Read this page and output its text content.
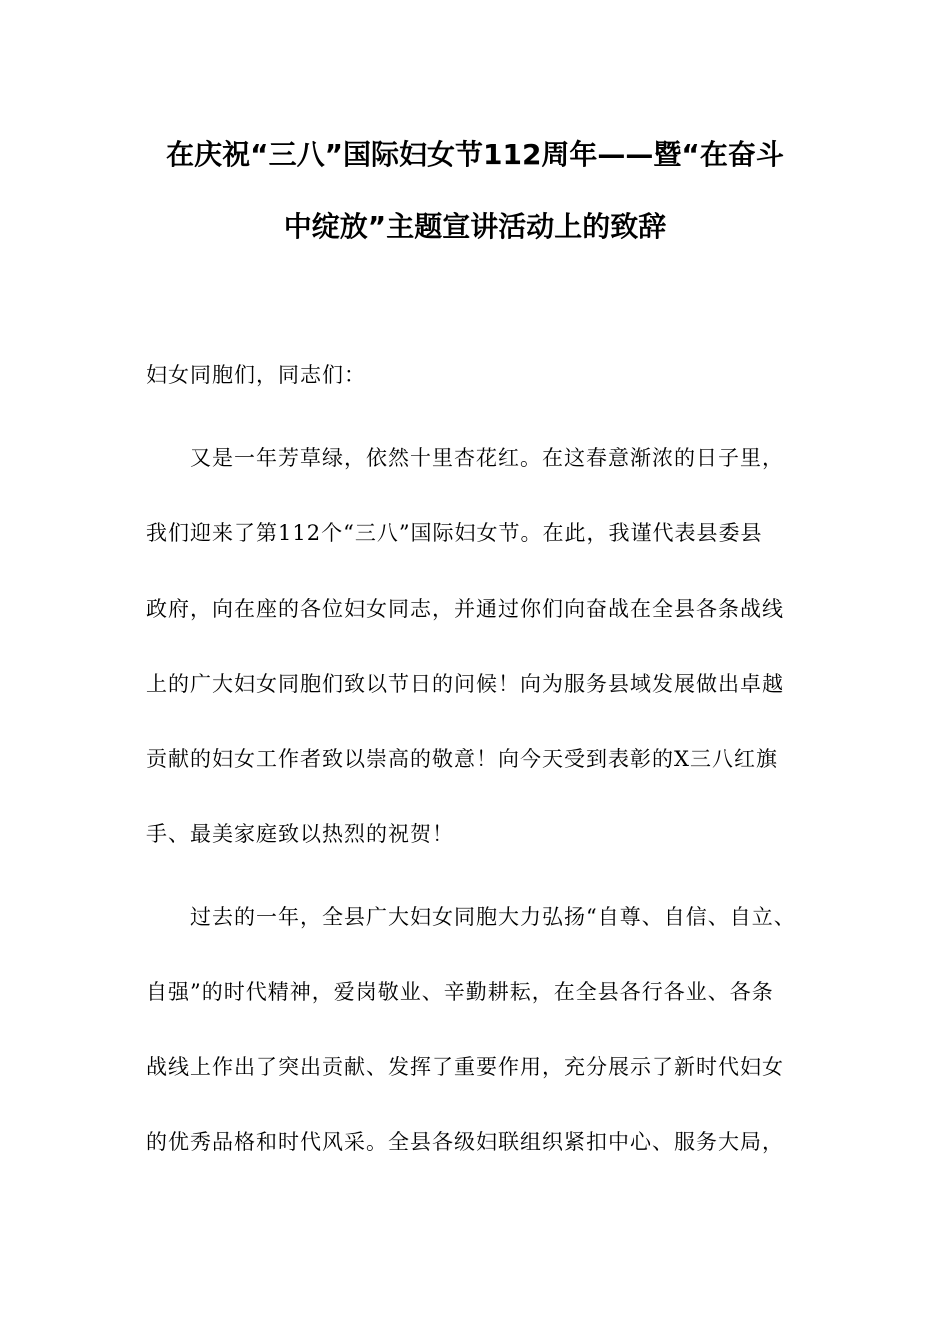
在庆祝“三八”国际妇女节112周年——暨“在奋斗
中绽放”主题宣讲活动上的致辞
妇女同胞们，同志们：
又是一年芳草绿，依然十里杏花红。在这春意渐浓的日子里，
我们迎来了第112个“三八”国际妇女节。在此，我谨代表县委县
政府，向在座的各位妇女同志，并通过你们向奋战在全县各条战线
上的广大妇女同胞们致以节日的问候！向为服务县域发展做出卓越
贡献的妇女工作者致以崇高的敬意！向今天受到表彰的X三八红旗
手、最美家庭致以热烈的祝贺！
过去的一年，全县广大妇女同胞大力弘扬“自尊、自信、自立、
自强”的时代精神，爱岗敬业、辛勤耕耘，在全县各行各业、各条
战线上作出了突出贡献、发挥了重要作用，充分展示了新时代妇女
的优秀品格和时代风采。全县各级妇联组织紧扣中心、服务大局，
